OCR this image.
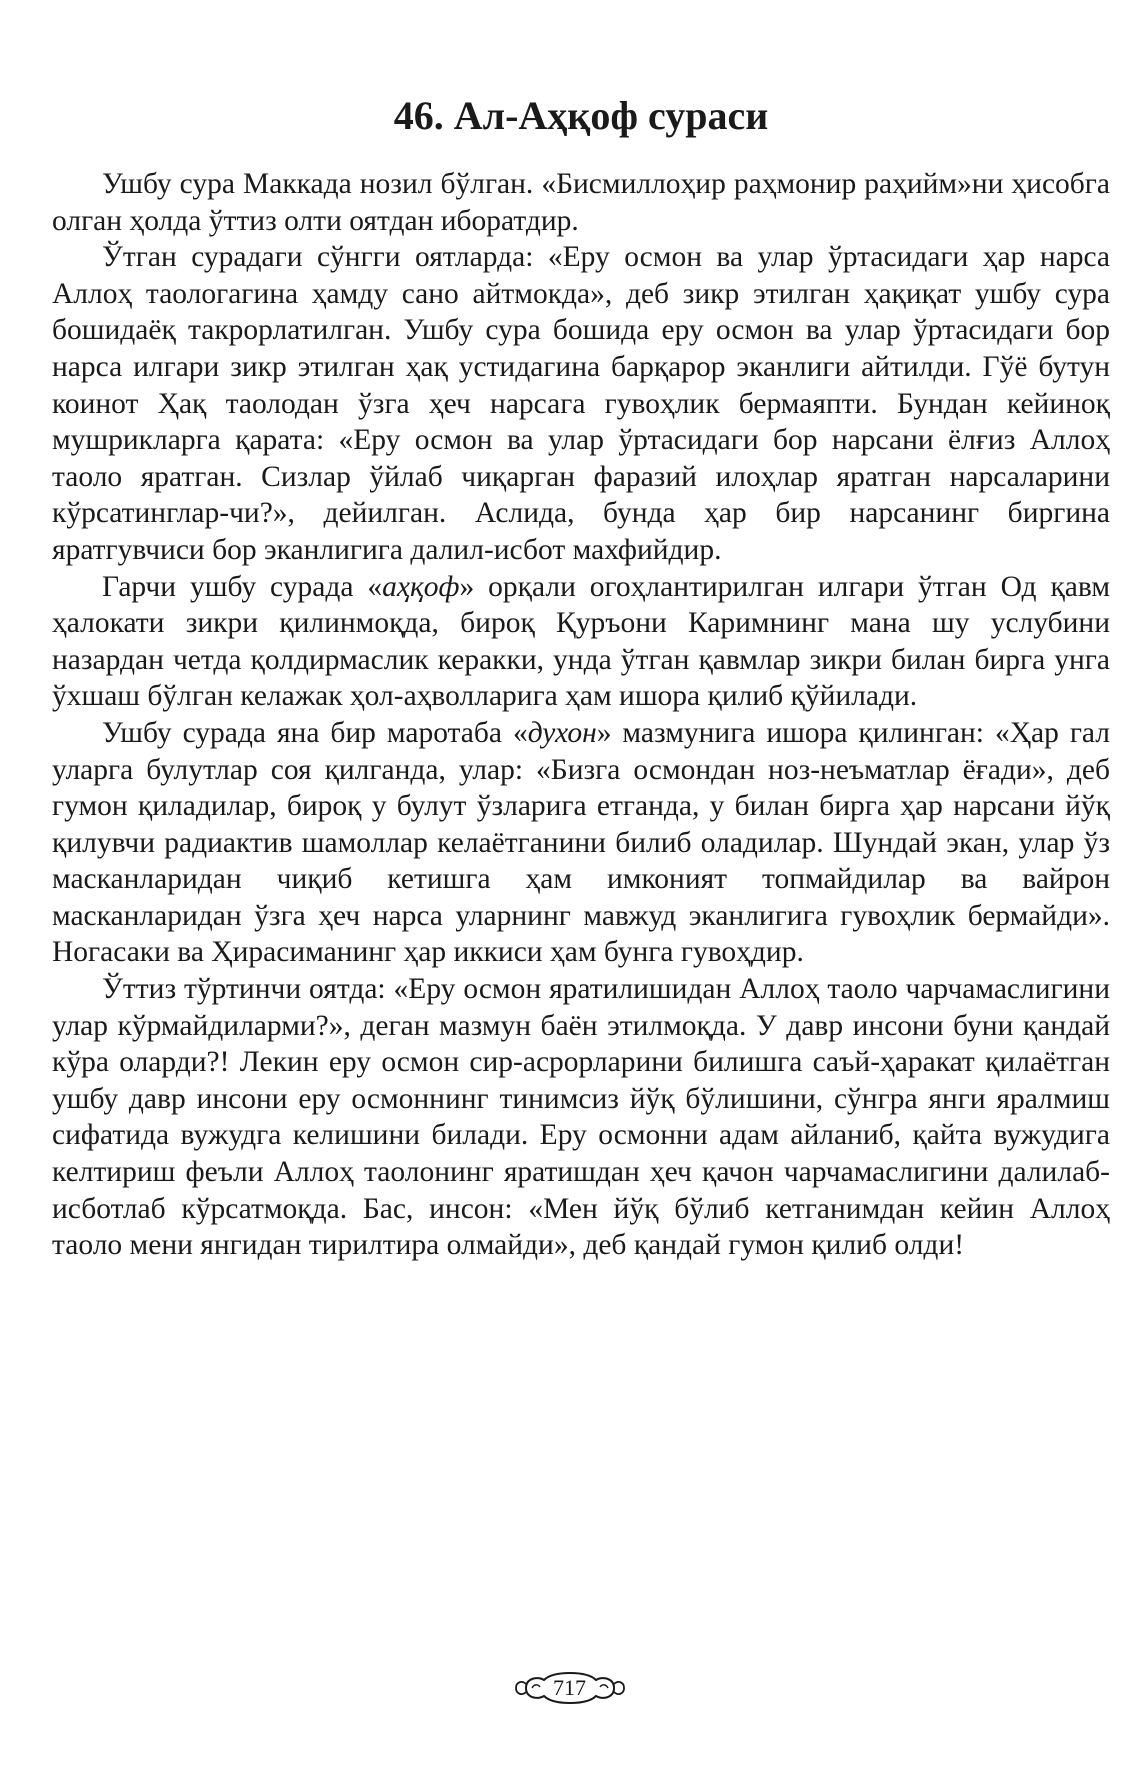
46. Ал-Аҳқоф сураси

Ушбу сура Маккада нозил бўлган. «Бисмиллоҳир раҳмонир раҳийм»ни ҳисобга олган ҳолда ўттиз олти оятдан иборатдир.

Ўтган сурадаги сўнгги оятларда: «Еру осмон ва улар ўртасидаги ҳар нарса Аллоҳ таологагина ҳамду сано айтмокда», деб зикр этилган ҳақиқат ушбу сура бошидаёқ такрорлатилган. Ушбу сура бошида еру осмон ва улар ўртасидаги бор нарса илгари зикр этилган ҳақ устидагина барқарор эканлиги айтилди. Гўё бутун коинот Ҳақ таолодан ўзга ҳеч нарсага гувоҳлик бермаяпти. Бундан кейиноқ мушрикларга қарата: «Еру осмон ва улар ўртасидаги бор нарсани ёлғиз Аллоҳ таоло яратган. Сизлар ўйлаб чиқарган фаразий илоҳлар яратган нарсаларини кўрсатинглар-чи?», дейилган. Аслида, бунда ҳар бир нарсанинг биргина яратгувчиси бор эканлигига далил-исбот махфийдир.

Гарчи ушбу сурада «аҳқоф» орқали огоҳлантирилган илгари ўтган Од қавм ҳалокати зикри қилинмоқда, бироқ Қуръони Каримнинг мана шу услубини назардан четда қолдирмаслик керакки, унда ўтган қавмлар зикри билан бирга унга ўхшаш бўлган келажак ҳол-аҳволларига ҳам ишора қилиб қўйилади.

Ушбу сурада яна бир маротаба «духон» мазмунига ишора қилинган: «Ҳар гал уларга булутлар соя қилганда, улар: «Бизга осмондан ноз-неъматлар ёғади», деб гумон қиладилар, бироқ у булут ўзларига етганда, у билан бирга ҳар нарсани йўқ қилувчи радиактив шамоллар келаётганини билиб оладилар. Шундай экан, улар ўз масканларидан чиқиб кетишга ҳам имконият топмайдилар ва вайрон масканларидан ўзга ҳеч нарса уларнинг мавжуд эканлигига гувоҳлик бермайди». Ногасаки ва Ҳирасиманинг ҳар иккиси ҳам бунга гувоҳдир.

Ўттиз тўртинчи оятда: «Еру осмон яратилишидан Аллоҳ таоло чарчамаслигини улар кўрмайдиларми?», деган мазмун баён этилмоқда. У давр инсони буни қандай кўра оларди?! Лекин еру осмон сир-асрорларини билишга саъй-ҳаракат қилаётган ушбу давр инсони еру осмоннинг тинимсиз йўқ бўлишини, сўнгра янги яралмиш сифатида вужудга келишини билади. Еру осмонни адам айланиб, қайта вужудига келтириш феъли Аллоҳ таолонинг яратишдан ҳеч қачон чарчамаслигини далилаб-исботлаб кўрсатмоқда. Бас, инсон: «Мен йўқ бўлиб кетганимдан кейин Аллоҳ таоло мени янгидан тирилтира олмайди», деб қандай гумон қилиб олди!

717
